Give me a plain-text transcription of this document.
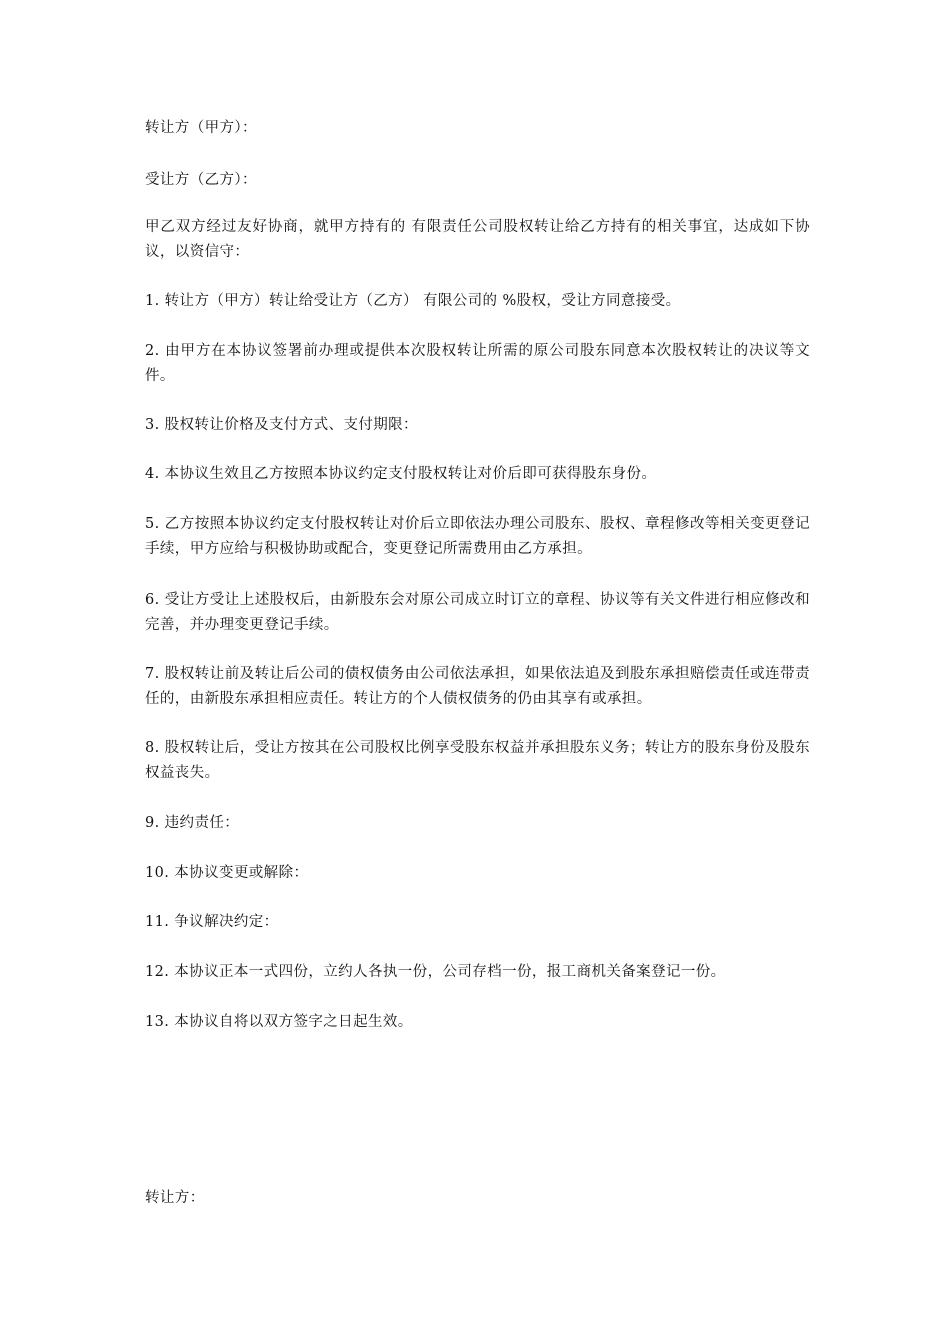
转让方（甲方）：

受让方（乙方）：

甲乙双方经过友好协商，就甲方持有的 有限责任公司股权转让给乙方持有的相关事宜，达成如下协议，以资信守：

1. 转让方（甲方）转让给受让方（乙方） 有限公司的 %股权，受让方同意接受。

2. 由甲方在本协议签署前办理或提供本次股权转让所需的原公司股东同意本次股权转让的决议等文件。

3. 股权转让价格及支付方式、支付期限：

4. 本协议生效且乙方按照本协议约定支付股权转让对价后即可获得股东身份。

5. 乙方按照本协议约定支付股权转让对价后立即依法办理公司股东、股权、章程修改等相关变更登记手续，甲方应给与积极协助或配合，变更登记所需费用由乙方承担。

6. 受让方受让上述股权后，由新股东会对原公司成立时订立的章程、协议等有关文件进行相应修改和完善，并办理变更登记手续。

7. 股权转让前及转让后公司的债权债务由公司依法承担，如果依法追及到股东承担赔偿责任或连带责任的，由新股东承担相应责任。转让方的个人债权债务的仍由其享有或承担。

8. 股权转让后，受让方按其在公司股权比例享受股东权益并承担股东义务；转让方的股东身份及股东权益丧失。

9. 违约责任：

10. 本协议变更或解除：

11. 争议解决约定：

12. 本协议正本一式四份，立约人各执一份，公司存档一份，报工商机关备案登记一份。

13. 本协议自将以双方签字之日起生效。

转让方：
